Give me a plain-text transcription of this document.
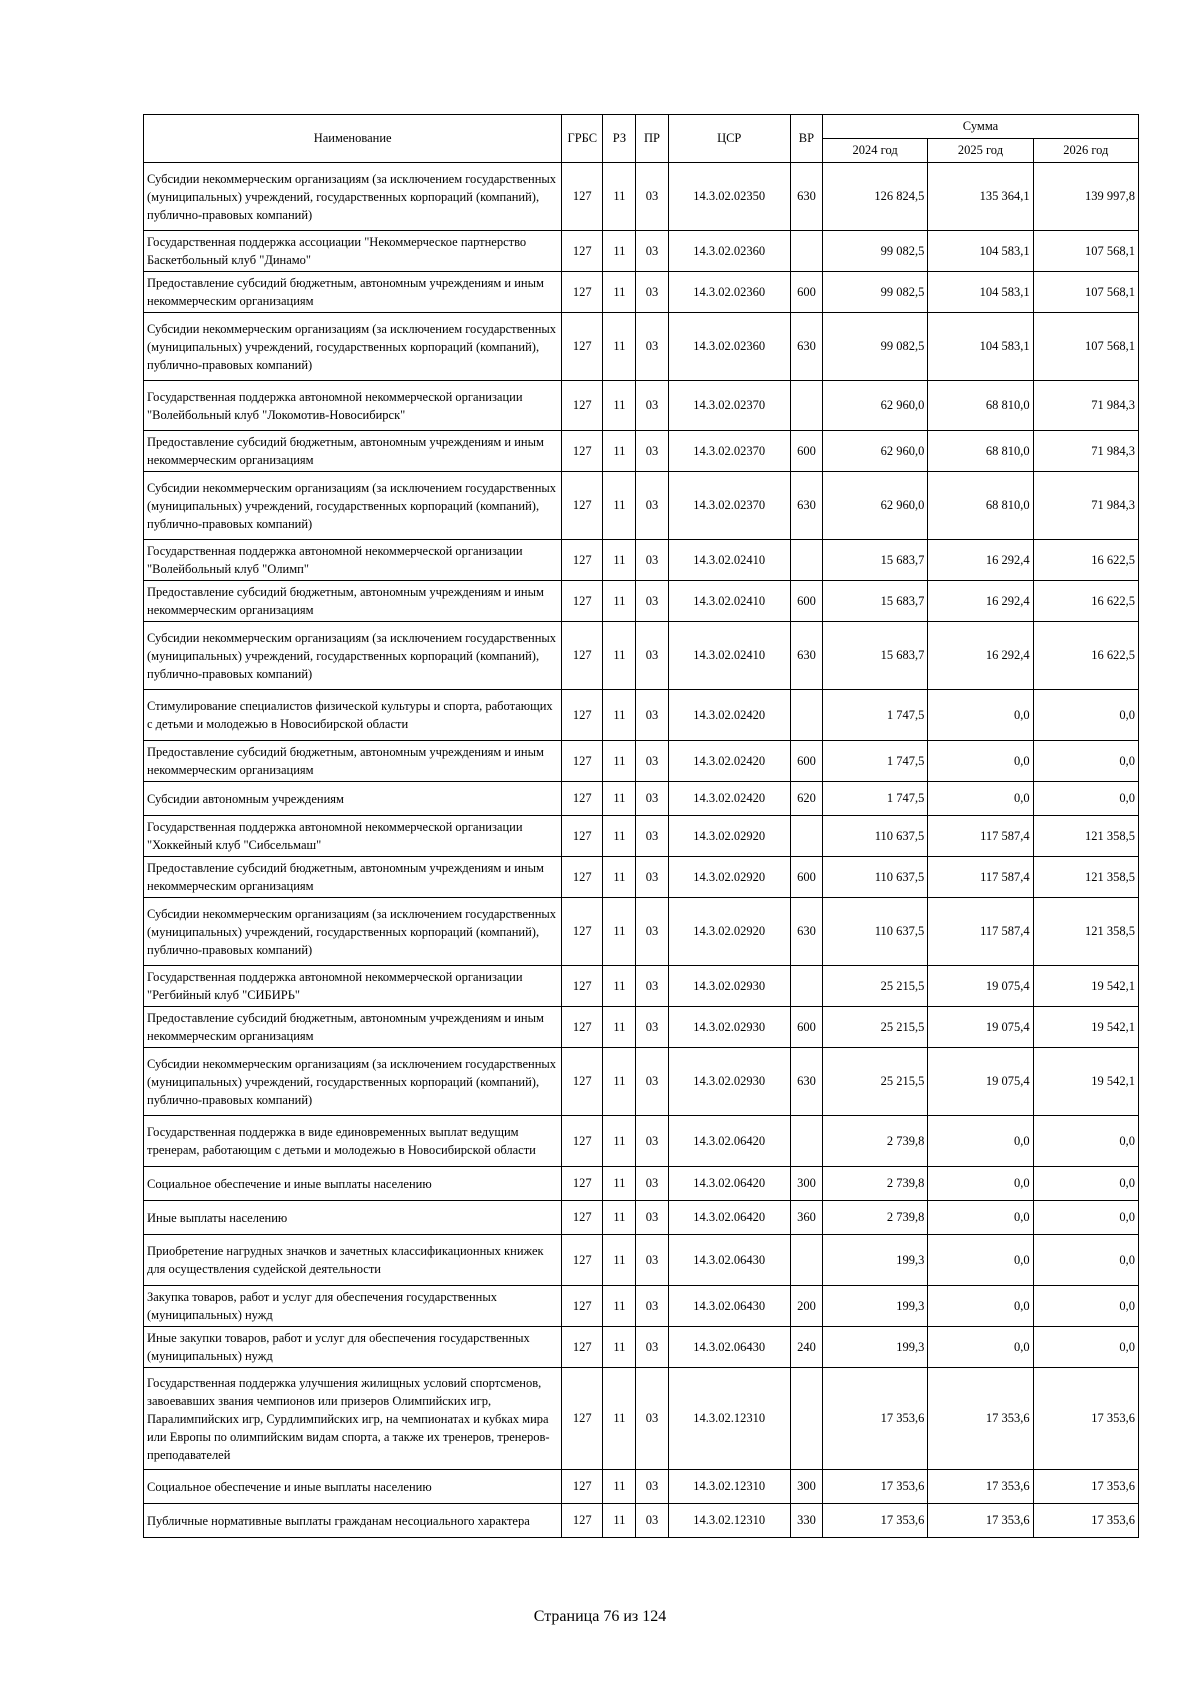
Наименование	ГРБС	РЗ	ПР	ЦСР	ВР	Сумма		
						2024 год	2025 год	2026 год
Субсидии некоммерческим организациям (за исключением государственных (муниципальных) учреждений, государственных корпораций (компаний), публично-правовых компаний)	127	11	03	14.3.02.02350	630	126 824,5	135 364,1	139 997,8
Государственная поддержка ассоциации "Некоммерческое партнерство Баскетбольный клуб "Динамо"	127	11	03	14.3.02.02360		99 082,5	104 583,1	107 568,1
Предоставление субсидий бюджетным, автономным учреждениям и иным некоммерческим организациям	127	11	03	14.3.02.02360	600	99 082,5	104 583,1	107 568,1
Субсидии некоммерческим организациям (за исключением государственных (муниципальных) учреждений, государственных корпораций (компаний), публично-правовых компаний)	127	11	03	14.3.02.02360	630	99 082,5	104 583,1	107 568,1
Государственная поддержка автономной некоммерческой организации "Волейбольный клуб "Локомотив-Новосибирск"	127	11	03	14.3.02.02370		62 960,0	68 810,0	71 984,3
Предоставление субсидий бюджетным, автономным учреждениям и иным некоммерческим организациям	127	11	03	14.3.02.02370	600	62 960,0	68 810,0	71 984,3
Субсидии некоммерческим организациям (за исключением государственных (муниципальных) учреждений, государственных корпораций (компаний), публично-правовых компаний)	127	11	03	14.3.02.02370	630	62 960,0	68 810,0	71 984,3
Государственная поддержка автономной некоммерческой организации "Волейбольный клуб "Олимп"	127	11	03	14.3.02.02410		15 683,7	16 292,4	16 622,5
Предоставление субсидий бюджетным, автономным учреждениям и иным некоммерческим организациям	127	11	03	14.3.02.02410	600	15 683,7	16 292,4	16 622,5
Субсидии некоммерческим организациям (за исключением государственных (муниципальных) учреждений, государственных корпораций (компаний), публично-правовых компаний)	127	11	03	14.3.02.02410	630	15 683,7	16 292,4	16 622,5
Стимулирование специалистов физической культуры и спорта, работающих с детьми и молодежью в Новосибирской области	127	11	03	14.3.02.02420		1 747,5	0,0	0,0
Предоставление субсидий бюджетным, автономным учреждениям и иным некоммерческим организациям	127	11	03	14.3.02.02420	600	1 747,5	0,0	0,0
Субсидии автономным учреждениям	127	11	03	14.3.02.02420	620	1 747,5	0,0	0,0
Государственная поддержка автономной некоммерческой организации "Хоккейный клуб "Сибсельмаш"	127	11	03	14.3.02.02920		110 637,5	117 587,4	121 358,5
Предоставление субсидий бюджетным, автономным учреждениям и иным некоммерческим организациям	127	11	03	14.3.02.02920	600	110 637,5	117 587,4	121 358,5
Субсидии некоммерческим организациям (за исключением государственных (муниципальных) учреждений, государственных корпораций (компаний), публично-правовых компаний)	127	11	03	14.3.02.02920	630	110 637,5	117 587,4	121 358,5
Государственная поддержка автономной некоммерческой организации "Регбийный клуб "СИБИРЬ"	127	11	03	14.3.02.02930		25 215,5	19 075,4	19 542,1
Предоставление субсидий бюджетным, автономным учреждениям и иным некоммерческим организациям	127	11	03	14.3.02.02930	600	25 215,5	19 075,4	19 542,1
Субсидии некоммерческим организациям (за исключением государственных (муниципальных) учреждений, государственных корпораций (компаний), публично-правовых компаний)	127	11	03	14.3.02.02930	630	25 215,5	19 075,4	19 542,1
Государственная поддержка в виде единовременных выплат ведущим тренерам, работающим с детьми и молодежью в Новосибирской области	127	11	03	14.3.02.06420		2 739,8	0,0	0,0
Социальное обеспечение и иные выплаты населению	127	11	03	14.3.02.06420	300	2 739,8	0,0	0,0
Иные выплаты населению	127	11	03	14.3.02.06420	360	2 739,8	0,0	0,0
Приобретение нагрудных значков и зачетных классификационных книжек для осуществления судейской деятельности	127	11	03	14.3.02.06430		199,3	0,0	0,0
Закупка товаров, работ и услуг для обеспечения государственных (муниципальных) нужд	127	11	03	14.3.02.06430	200	199,3	0,0	0,0
Иные закупки товаров, работ и услуг для обеспечения государственных (муниципальных) нужд	127	11	03	14.3.02.06430	240	199,3	0,0	0,0
Государственная поддержка улучшения жилищных условий спортсменов, завоевавших звания чемпионов или призеров Олимпийских игр, Паралимпийских игр, Сурдлимпийских игр, на чемпионатах и кубках мира или Европы по олимпийским видам спорта, а также их тренеров, тренеров-преподавателей	127	11	03	14.3.02.12310		17 353,6	17 353,6	17 353,6
Социальное обеспечение и иные выплаты населению	127	11	03	14.3.02.12310	300	17 353,6	17 353,6	17 353,6
Публичные нормативные выплаты гражданам несоциального характера	127	11	03	14.3.02.12310	330	17 353,6	17 353,6	17 353,6
Страница 76 из 124
